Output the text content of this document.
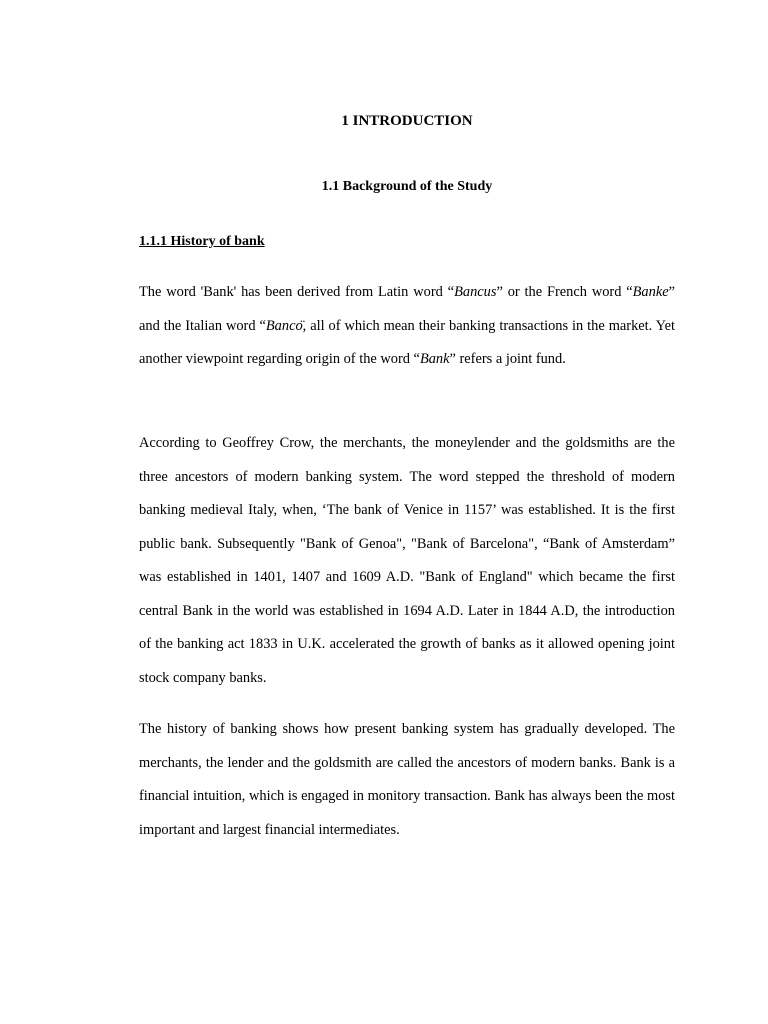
1 INTRODUCTION
1.1 Background of the Study
1.1.1 History of bank

The word 'Bank' has been derived from Latin word “Bancus” or the French word “Banke” and the Italian word “Bancö, all of which mean their banking transactions in the market. Yet another viewpoint regarding origin of the word “Bank” refers a joint fund.

According to Geoffrey Crow, the merchants, the moneylender and the goldsmiths are the three ancestors of modern banking system. The word stepped the threshold of modern banking medieval Italy, when, ‘The bank of Venice in 1157’ was established. It is the first public bank. Subsequently "Bank of Genoa", "Bank of Barcelona", “Bank of Amsterdam” was established in 1401, 1407 and 1609 A.D. "Bank of England" which became the first central Bank in the world was established in 1694 A.D. Later in 1844 A.D, the introduction of the banking act 1833 in U.K. accelerated the growth of banks as it allowed opening joint stock company banks.

The history of banking shows how present banking system has gradually developed. The merchants, the lender and the goldsmith are called the ancestors of modern banks. Bank is a financial intuition, which is engaged in monitory transaction. Bank has always been the most important and largest financial intermediates.
